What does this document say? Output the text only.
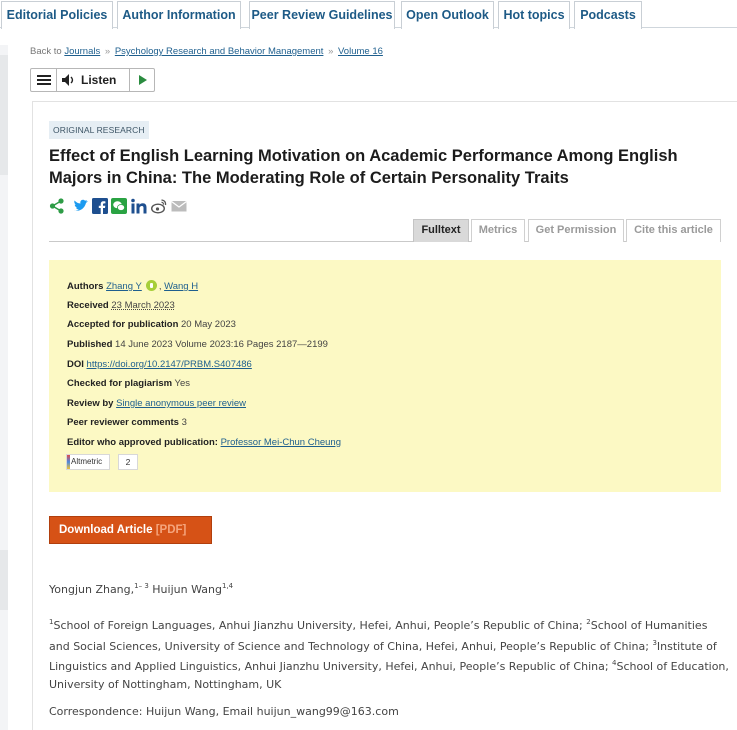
Editorial Policies	Author Information	Peer Review Guidelines	Open Outlook	Hot topics	Podcasts
Back to Journals » Psychology Research and Behavior Management » Volume 16
Listen
ORIGINAL RESEARCH
Effect of English Learning Motivation on Academic Performance Among English Majors in China: The Moderating Role of Certain Personality Traits
Fulltext	Metrics	Get Permission	Cite this article
Authors Zhang Y , Wang H
Received 23 March 2023
Accepted for publication 20 May 2023
Published 14 June 2023 Volume 2023:16 Pages 2187—2199
DOI https://doi.org/10.2147/PRBM.S407486
Checked for plagiarism Yes
Review by Single anonymous peer review
Peer reviewer comments 3
Editor who approved publication: Professor Mei-Chun Cheung
Altmetric	2
Download Article [PDF]
Yongjun Zhang,$^{1- 3}$ Huijun Wang$^{1,4}$
$^1$School of Foreign Languages, Anhui Jianzhu University, Hefei, Anhui, People’s Republic of China; $^2$School of Humanities and Social Sciences, University of Science and Technology of China, Hefei, Anhui, People’s Republic of China; $^3$Institute of Linguistics and Applied Linguistics, Anhui Jianzhu University, Hefei, Anhui, People’s Republic of China; $^4$School of Education, University of Nottingham, Nottingham, UK
Correspondence: Huijun Wang, Email huijun_wang99@163.com
